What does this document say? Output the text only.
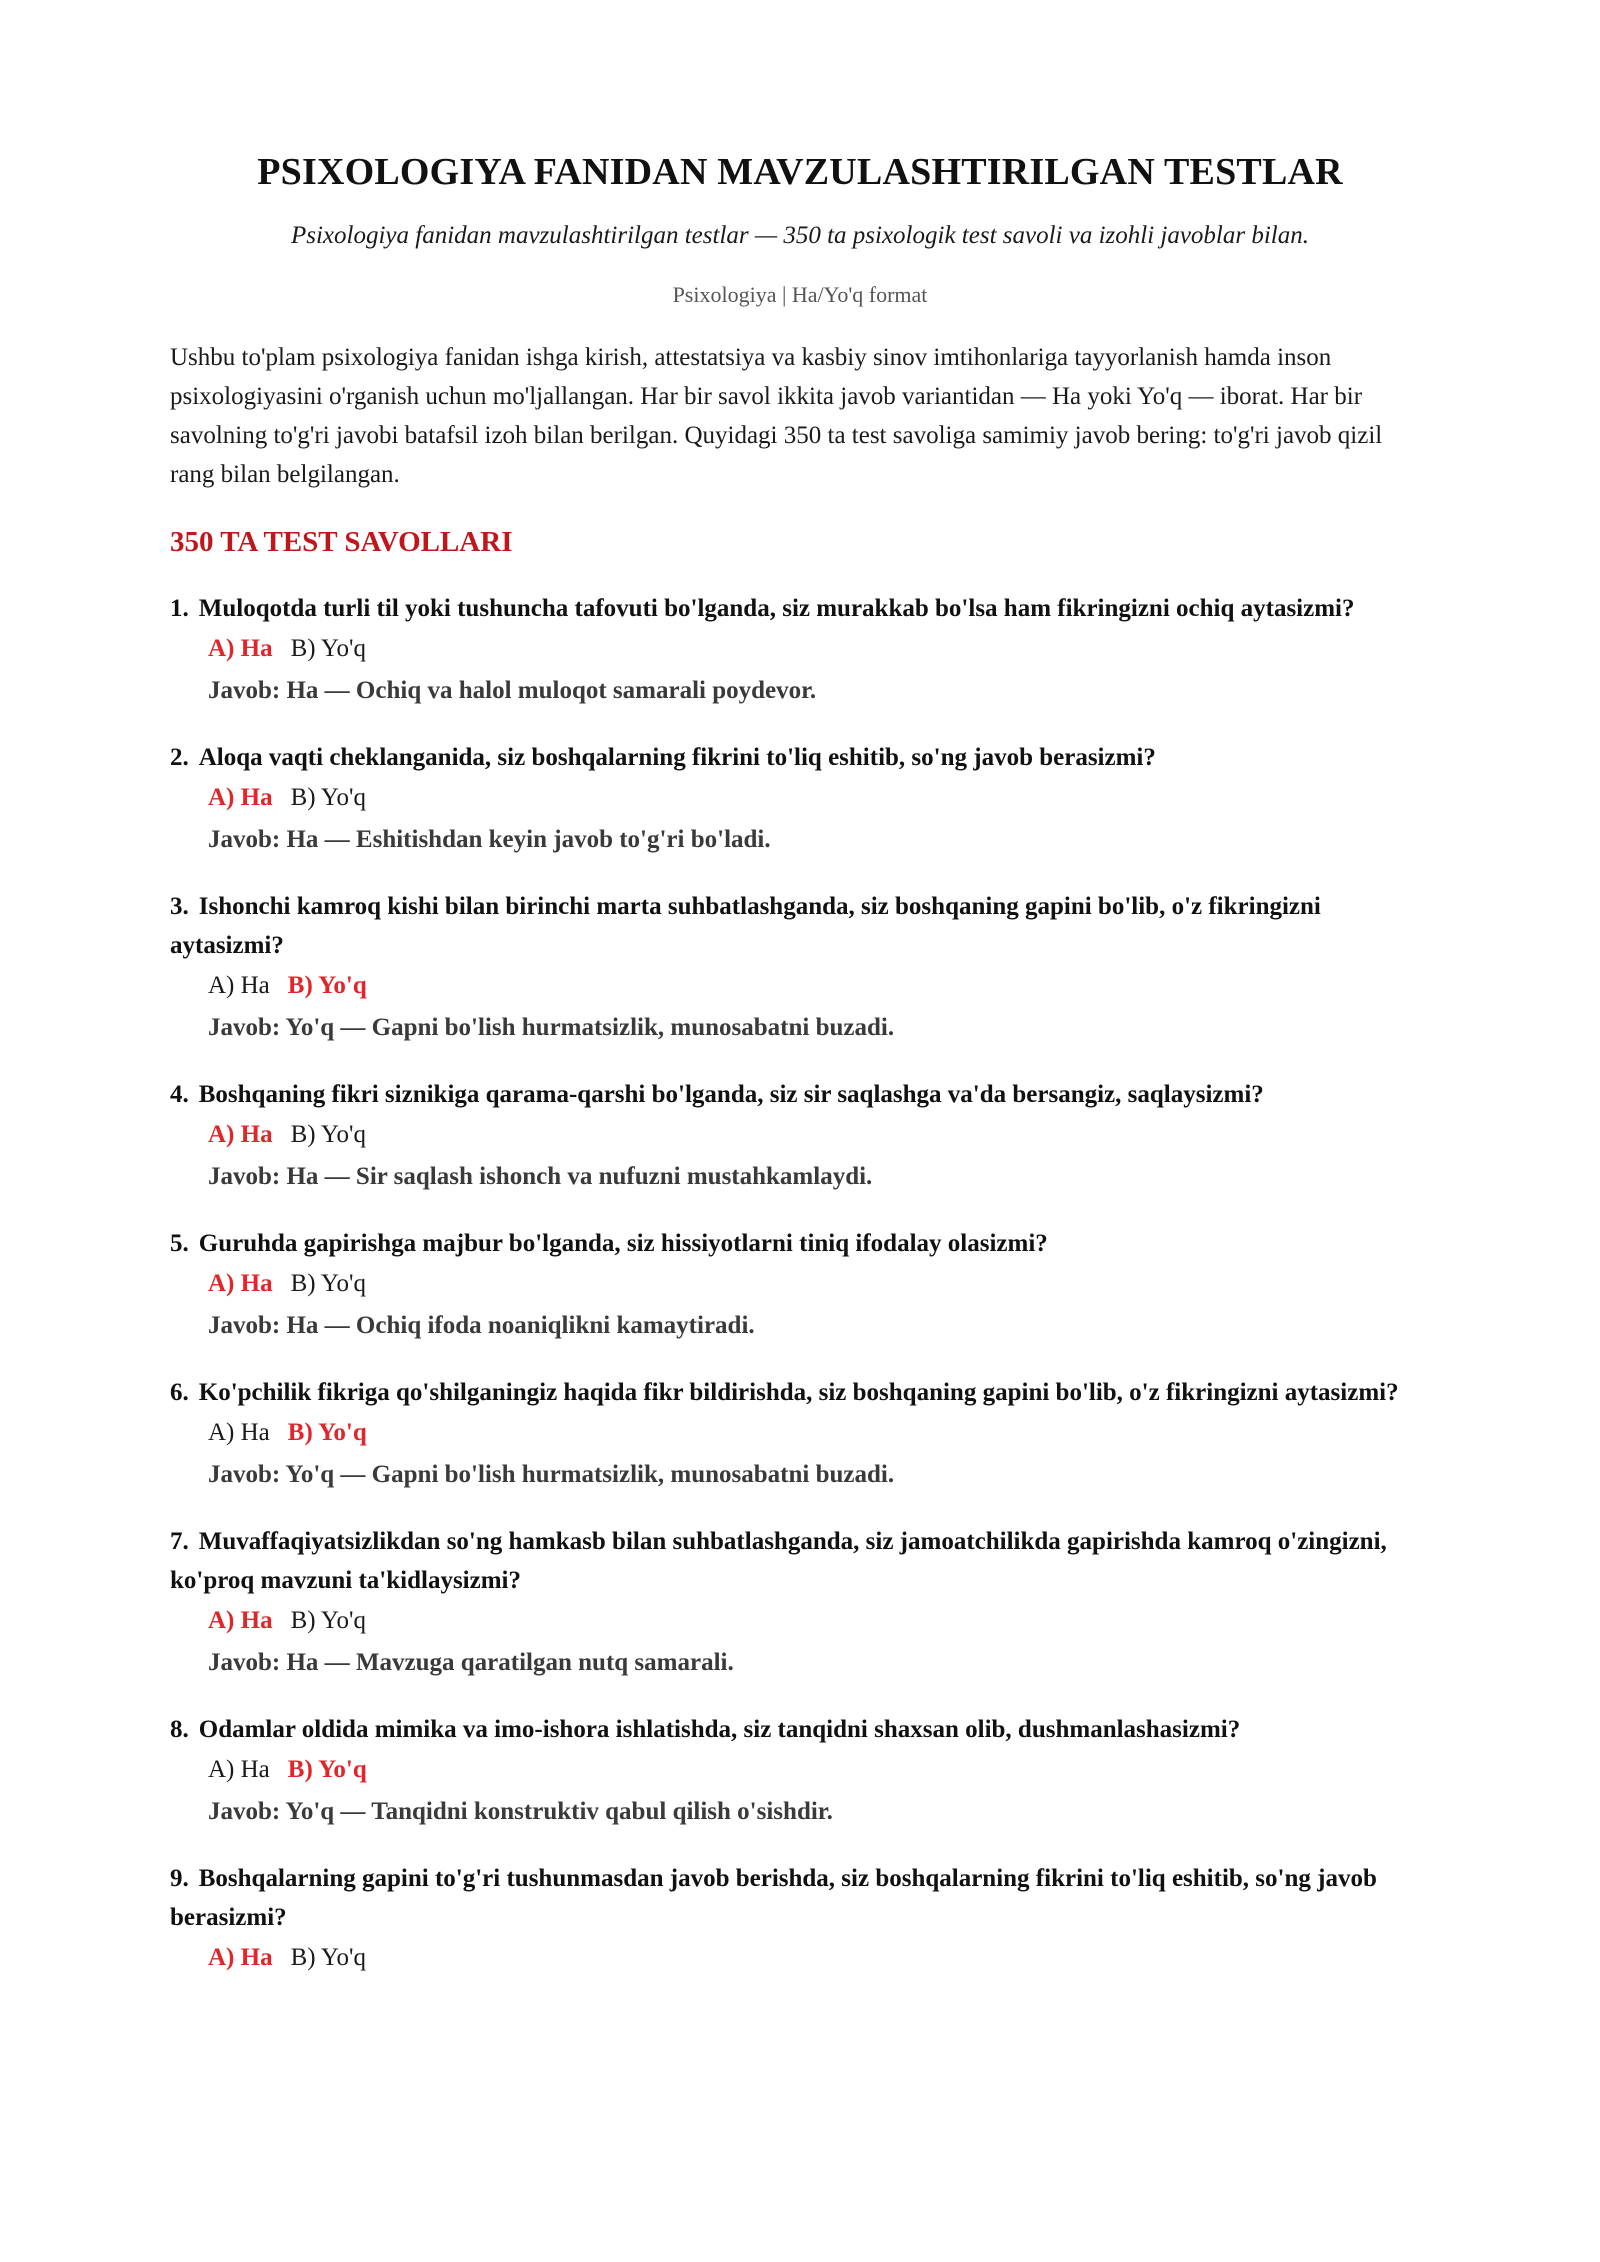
PSIXOLOGIYA FANIDAN MAVZULASHTIRILGAN TESTLAR

Psixologiya fanidan mavzulashtirilgan testlar — 350 ta psixologik test savoli va izohli javoblar bilan.

Psixologiya | Ha/Yo'q format

Ushbu to'plam psixologiya fanidan ishga kirish, attestatsiya va kasbiy sinov imtihonlariga tayyorlanish hamda inson psixologiyasini o'rganish uchun mo'ljallangan. Har bir savol ikkita javob variantidan — Ha yoki Yo'q — iborat. Har bir savolning to'g'ri javobi batafsil izoh bilan berilgan. Quyidagi 350 ta test savoliga samimiy javob bering: to'g'ri javob qizil rang bilan belgilangan.

350 TA TEST SAVOLLARI
1. Muloqotda turli til yoki tushuncha tafovuti bo'lganda, siz murakkab bo'lsa ham fikringizni ochiq aytasizmi?
A) Ha B) Yo'q
Javob: Ha — Ochiq va halol muloqot samarali poydevor.
2. Aloqa vaqti cheklanganida, siz boshqalarning fikrini to'liq eshitib, so'ng javob berasizmi?
A) Ha B) Yo'q
Javob: Ha — Eshitishdan keyin javob to'g'ri bo'ladi.
3. Ishonchi kamroq kishi bilan birinchi marta suhbatlashganda, siz boshqaning gapini bo'lib, o'z fikringizni aytasizmi?
A) Ha B) Yo'q
Javob: Yo'q — Gapni bo'lish hurmatsizlik, munosabatni buzadi.
4. Boshqaning fikri siznikiga qarama-qarshi bo'lganda, siz sir saqlashga va'da bersangiz, saqlaysizmi?
A) Ha B) Yo'q
Javob: Ha — Sir saqlash ishonch va nufuzni mustahkamlaydi.
5. Guruhda gapirishga majbur bo'lganda, siz hissiyotlarni tiniq ifodalay olasizmi?
A) Ha B) Yo'q
Javob: Ha — Ochiq ifoda noaniqlikni kamaytiradi.
6. Ko'pchilik fikriga qo'shilganingiz haqida fikr bildirishda, siz boshqaning gapini bo'lib, o'z fikringizni aytasizmi?
A) Ha B) Yo'q
Javob: Yo'q — Gapni bo'lish hurmatsizlik, munosabatni buzadi.
7. Muvaffaqiyatsizlikdan so'ng hamkasb bilan suhbatlashganda, siz jamoatchilikda gapirishda kamroq o'zingizni, ko'proq mavzuni ta'kidlaysizmi?
A) Ha B) Yo'q
Javob: Ha — Mavzuga qaratilgan nutq samarali.
8. Odamlar oldida mimika va imo-ishora ishlatishda, siz tanqidni shaxsan olib, dushmanlashasizmi?
A) Ha B) Yo'q
Javob: Yo'q — Tanqidni konstruktiv qabul qilish o'sishdir.
9. Boshqalarning gapini to'g'ri tushunmasdan javob berishda, siz boshqalarning fikrini to'liq eshitib, so'ng javob berasizmi?
A) Ha B) Yo'q
